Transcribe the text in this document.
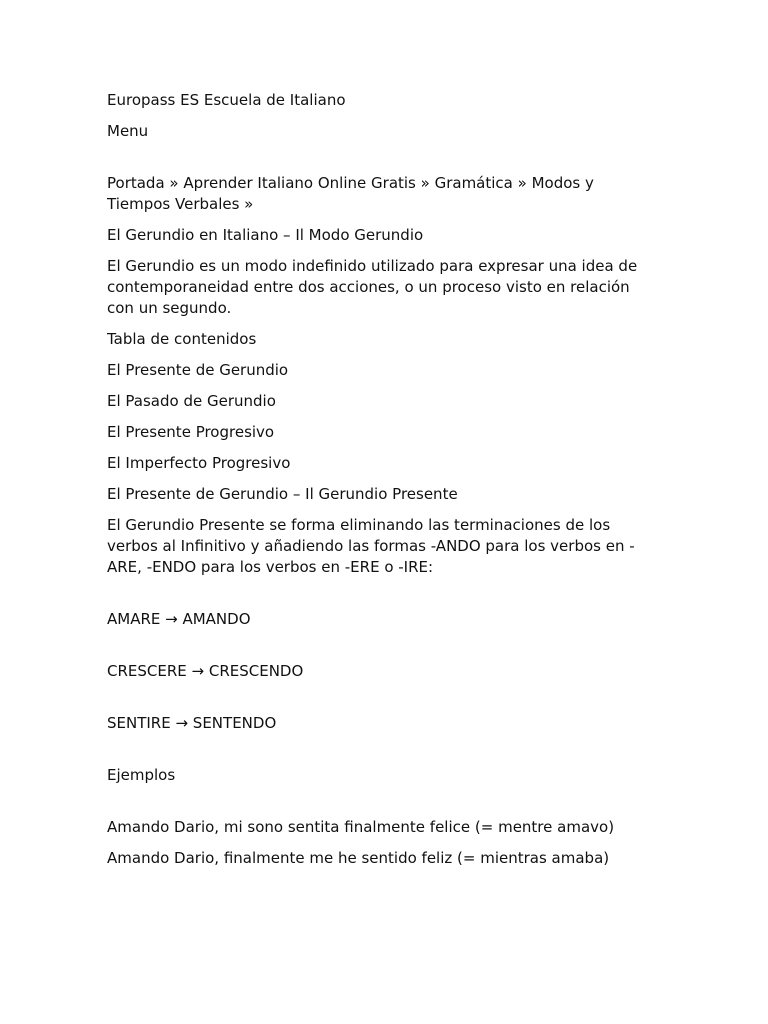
Europass ES Escuela de Italiano

Menu

Portada » Aprender Italiano Online Gratis » Gramática » Modos y Tiempos Verbales »

El Gerundio en Italiano – Il Modo Gerundio

El Gerundio es un modo indefinido utilizado para expresar una idea de contemporaneidad entre dos acciones, o un proceso visto en relación con un segundo.

Tabla de contenidos

El Presente de Gerundio

El Pasado de Gerundio

El Presente Progresivo

El Imperfecto Progresivo

El Presente de Gerundio – Il Gerundio Presente

El Gerundio Presente se forma eliminando las terminaciones de los verbos al Infinitivo y añadiendo las formas -ANDO para los verbos en -ARE, -ENDO para los verbos en -ERE o -IRE:

AMARE → AMANDO

CRESCERE → CRESCENDO

SENTIRE → SENTENDO

Ejemplos

Amando Dario, mi sono sentita finalmente felice (= mentre amavo)

Amando Dario, finalmente me he sentido feliz (= mientras amaba)
